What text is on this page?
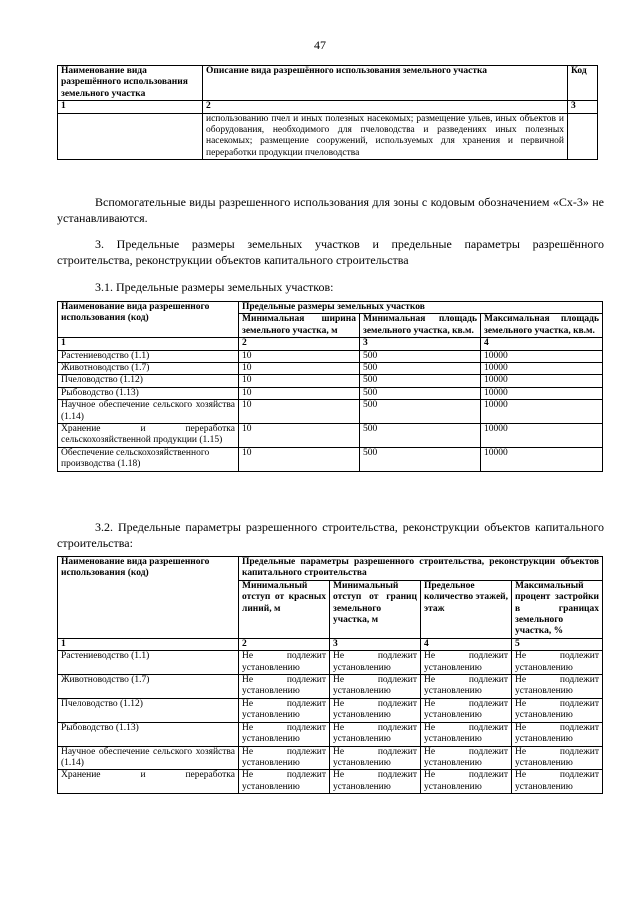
47
Наименование вида разрешённого использования земельного участка	Описание вида разрешённого использования земельного участка	Код
1	2	3
	использованию пчел и иных полезных насекомых; размещение ульев, иных объектов и оборудования, необходимого для пчеловодства и разведениях иных полезных насекомых; размещение сооружений, используемых для хранения и первичной переработки продукции пчеловодства	

Вспомогательные виды разрешенного использования для зоны с кодовым обозначением «Сх-3» не устанавливаются.

3. Предельные размеры земельных участков и предельные параметры разрешённого строительства, реконструкции объектов капитального строительства

3.1. Предельные размеры земельных участков:

Наименование вида разрешенного использования (код)	Предельные размеры земельных участков		
	Минимальная ширина земельного участка, м	Минимальная площадь земельного участка, кв.м.	Максимальная площадь земельного участка, кв.м.
1	2	3	4
Растениеводство (1.1)	10	500	10000
Животноводство (1.7)	10	500	10000
Пчеловодство (1.12)	10	500	10000
Рыбоводство (1.13)	10	500	10000
Научное обеспечение сельского хозяйства (1.14)	10	500	10000
Хранение и переработка сельскохозяйственной продукции (1.15)	10	500	10000
Обеспечение сельскохозяйственного производства (1.18)	10	500	10000

3.2. Предельные параметры разрешенного строительства, реконструкции объектов капитального строительства:

Наименование вида разрешенного использования (код)	Предельные параметры разрешенного строительства, реконструкции объектов капитального строительства			
	Минимальный отступ от красных линий, м	Минимальный отступ от границ земельного участка, м	Предельное количество этажей, этаж	Максимальный процент застройки в границах земельного участка, %
1	2	3	4	5
Растениеводство (1.1)	Не подлежит установлению	Не подлежит установлению	Не подлежит установлению	Не подлежит установлению
Животноводство (1.7)	Не подлежит установлению	Не подлежит установлению	Не подлежит установлению	Не подлежит установлению
Пчеловодство (1.12)	Не подлежит установлению	Не подлежит установлению	Не подлежит установлению	Не подлежит установлению
Рыбоводство (1.13)	Не подлежит установлению	Не подлежит установлению	Не подлежит установлению	Не подлежит установлению
Научное обеспечение сельского хозяйства (1.14)	Не подлежит установлению	Не подлежит установлению	Не подлежит установлению	Не подлежит установлению
Хранение и переработка	Не подлежит установлению	Не подлежит установлению	Не подлежит установлению	Не подлежит установлению
